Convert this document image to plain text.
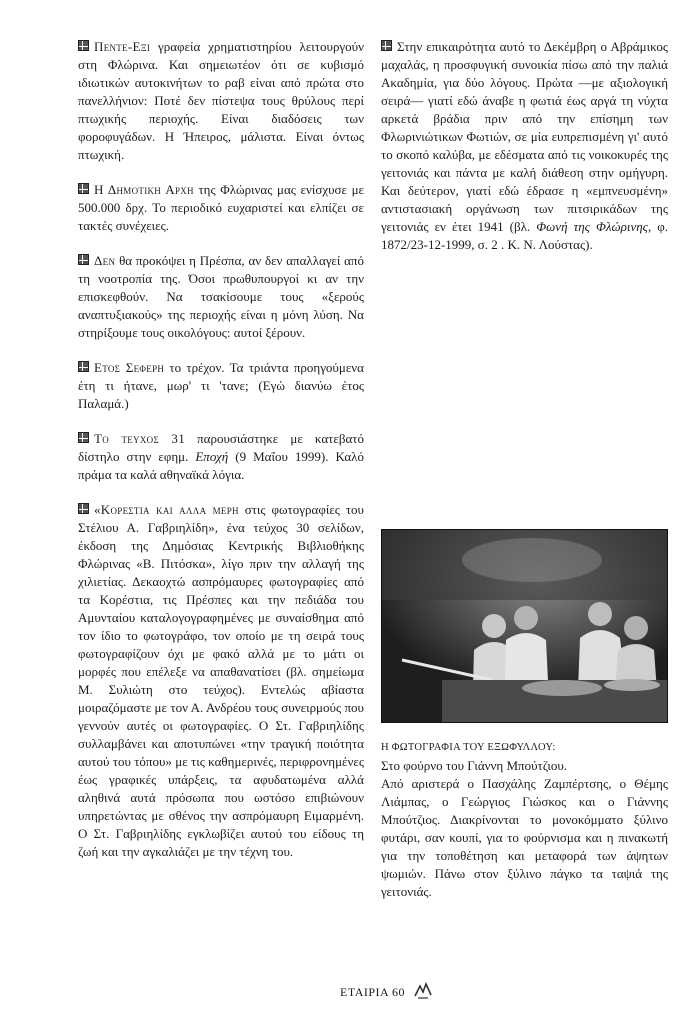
Πεντε-Εξι γραφεία χρηματιστηρίου λειτουργούν στη Φλώρινα. Και σημειωτέον ότι σε κυβισμό ιδιωτικών αυτοκινήτων το ραβ είναι από πρώτα στο πανελλήνιον: Ποτέ δεν πίστεψα τους θρύλους περί πτωχικής περιοχής. Είναι διαδόσεις των φοροφυγάδων. Η Ήπειρος, μάλιστα. Είναι όντως πτωχική.

Η Δημοτικη Αρχη της Φλώρινας μας ενίσχυσε με 500.000 δρχ. Το περιοδικό ευχαριστεί και ελπίζει σε τακτές συνέχειες.

Δεν θα προκόψει η Πρέσπα, αν δεν απαλλαγεί από τη νοοτροπία της. Όσοι πρωθυπουργοί κι αν την επισκεφθούν. Να τσακίσουμε τους «ξερούς αναπτυξιακούς» της περιοχής είναι η μόνη λύση. Να στηρίξουμε τους οικολόγους: αυτοί ξέρουν.

Ετος Σεφερη το τρέχον. Τα τριάντα προηγούμενα έτη τι ήτανε, μωρ' τι 'τανε; (Εγώ διανύω έτος Παλαμά.)

Το τευχος 31 παρουσιάστηκε με κατεβατό δίστηλο στην εφημ. Εποχή (9 Μαΐου 1999). Καλό πράμα τα καλά αθηναϊκά λόγια.

«Κορεστια και αλλα μερη στις φωτογραφίες του Στέλιου Α. Γαβριηλίδη», ένα τεύχος 30 σελίδων, έκδοση της Δημόσιας Κεντρικής Βιβλιοθήκης Φλώρινας «Β. Πιτόσκα», λίγο πριν την αλλαγή της χιλιετίας. Δεκαοχτώ ασπρόμαυρες φωτογραφίες από τα Κορέστια, τις Πρέσπες και την πεδιάδα του Αμυνταίου καταλογογραφημένες με συναίσθημα από τον ίδιο το φωτογράφο, τον οποίο με τη σειρά τους φωτογραφίζουν όχι με φακό αλλά με το μάτι οι μορφές που επέλεξε να απαθανατίσει (βλ. σημείωμα Μ. Συλιώτη στο τεύχος). Εντελώς αβίαστα μοιραζόμαστε με τον Α. Ανδρέου τους συνειρμούς που γεννούν αυτές οι φωτογραφίες. Ο Στ. Γαβριηλίδης συλλαμβάνει και αποτυπώνει «την τραγική ποιότητα αυτού του τόπου» με τις καθημερινές, περιφρονημένες έως γραφικές υπάρξεις, τα αφυδατωμένα αλλά αληθινά αυτά πρόσωπα που ωστόσο επιβιώνουν υπηρετώντας με σθένος την ασπρόμαυρη Ειμαρμένη. Ο Στ. Γαβριηλίδης εγκλωβίζει αυτού του είδους τη ζωή και την αγκαλιάζει με την τέχνη του.

Στην επικαιρότητα αυτό το Δεκέμβρη ο Αβράμικος μαχαλάς, η προσφυγική συνοικία πίσω από την παλιά Ακαδημία, για δύο λόγους. Πρώτα —με αξιολογική σειρά— γιατί εδώ άναβε η φωτιά έως αργά τη νύχτα αρκετά βράδια πριν από την επίσημη των Φλωρινιώτικων Φωτιών, σε μία ευπρεπισμένη γι' αυτό το σκοπό καλύβα, με εδέσματα από τις νοικοκυρές της γειτονιάς και πάντα με καλή διάθεση στην ομήγυρη. Και δεύτερον, γιατί εδώ έδρασε η «εμπνευσμένη» αντιστασιακή οργάνωση των πιτσιρικάδων της γειτονιάς εν έτει 1941 (βλ. Φωνή της Φλώρινης, φ. 1872/23-12-1999, σ. 2 . Κ. Ν. Λούστας).

Η ΦΩΤΟΓΡΑΦΙΑ ΤΟΥ ΕΞΩΦΥΛΛΟΥ:
Στο φούρνο του Γιάννη Μπούτζιου.
Από αριστερά ο Πασχάλης Ζαμπέρτσης, ο Θέμης Λιάμπας, ο Γεώργιος Γιώσκος και ο Γιάννης Μπούτζιος. Διακρίνονται το μονοκόμματο ξύλινο φυτάρι, σαν κουπί, για το φούρνισμα και η πινακωτή για την τοποθέτηση και μεταφορά των άψητων ψωμιών. Πάνω στον ξύλινο πάγκο τα ταψιά της γειτονιάς.
ΕΤΑΙΡΙΑ 60
